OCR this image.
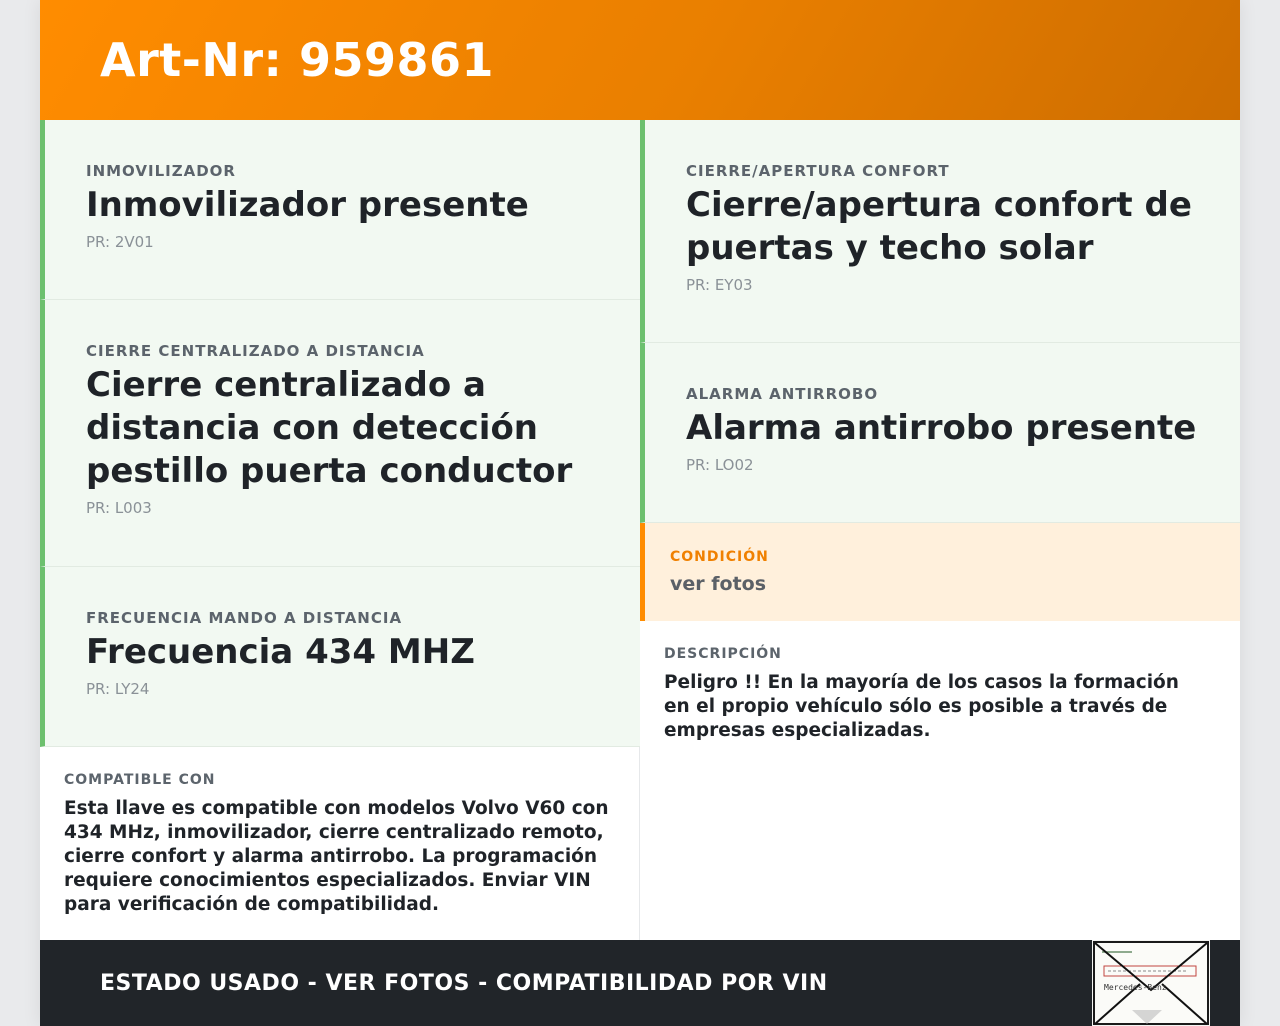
Art-Nr: 959861
INMOVILIZADOR
Inmovilizador presente
PR: 2V01
CIERRE CENTRALIZADO A DISTANCIA
Cierre centralizado a distancia con detección pestillo puerta conductor
PR: L003
FRECUENCIA MANDO A DISTANCIA
Frecuencia 434 MHZ
PR: LY24
COMPATIBLE CON
Esta llave es compatible con modelos Volvo V60 con 434 MHz, inmovilizador, cierre centralizado remoto, cierre confort y alarma antirrobo. La programación requiere conocimientos especializados. Enviar VIN para verificación de compatibilidad.
CIERRE/APERTURA CONFORT
Cierre/apertura confort de puertas y techo solar
PR: EY03
ALARMA ANTIRROBO
Alarma antirrobo presente
PR: LO02
CONDICIÓN
ver fotos
DESCRIPCIÓN
Peligro !! En la mayoría de los casos la formación en el propio vehículo sólo es posible a través de empresas especializadas.
ESTADO USADO - VER FOTOS - COMPATIBILIDAD POR VIN	Mercedes-Benz
